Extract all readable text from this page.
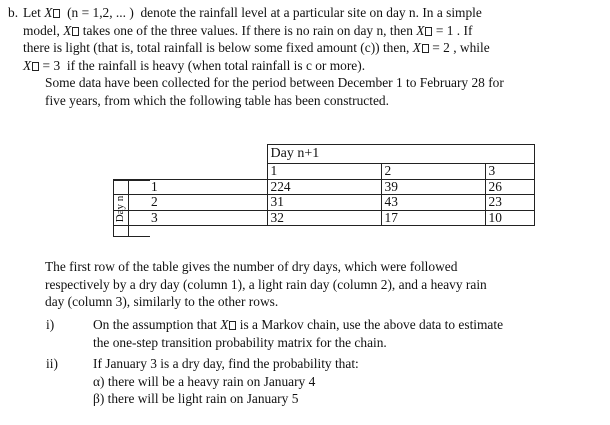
b. Let X (n = 1,2, ... ) denote the rainfall level at a particular site on day n. In a simple
model, X takes one of the three values. If there is no rain on day n, then X = 1 . If
there is light (that is, total rainfall is below some fixed amount (c)) then, X = 2 , while
X = 3 if the rainfall is heavy (when total rainfall is c or more).
Some data have been collected for the period between December 1 to February 28 for
five years, from which the following table has been constructed.
Day n
	Day n+1		
	1	2	3
1	224	39	26
2	31	43	23
3	32	17	10
The first row of the table gives the number of dry days, which were followed
respectively by a dry day (column 1), a light rain day (column 2), and a heavy rain
day (column 3), similarly to the other rows.
i)	On the assumption that X is a Markov chain, use the above data to estimate
the one-step transition probability matrix for the chain.
ii)	If January 3 is a dry day, find the probability that:
α) there will be a heavy rain on January 4
β) there will be light rain on January 5
